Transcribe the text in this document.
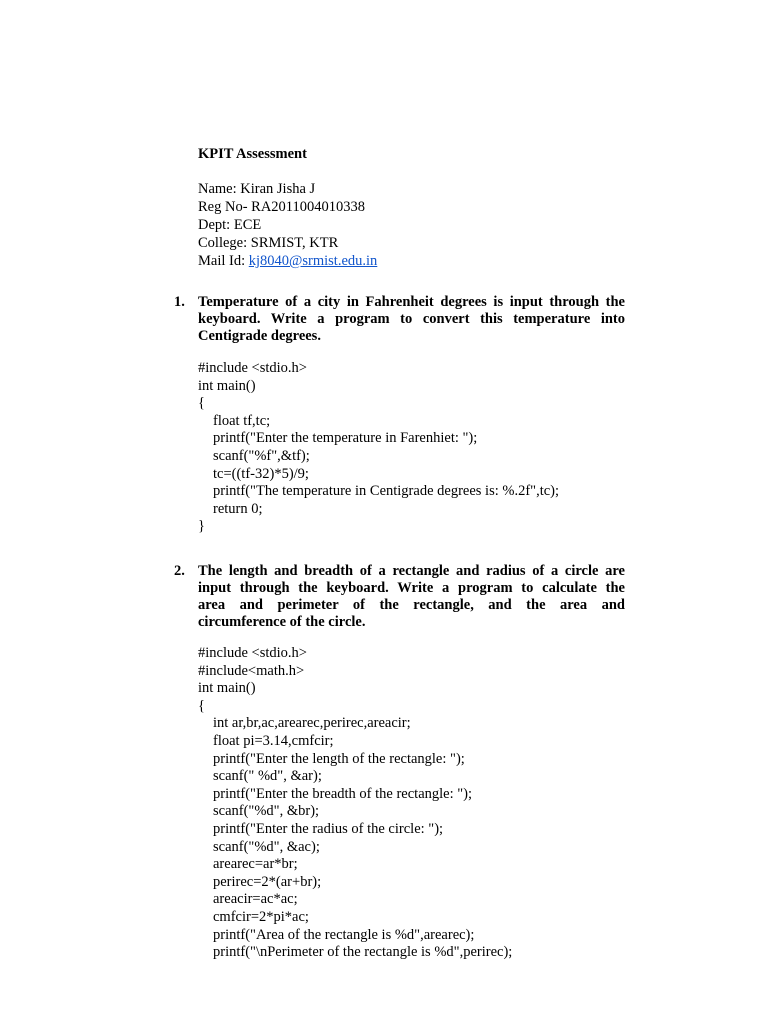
KPIT Assessment
Name: Kiran Jisha J
Reg No- RA2011004010338
Dept: ECE
College: SRMIST, KTR
Mail Id: kj8040@srmist.edu.in
1. Temperature of a city in Fahrenheit degrees is input through the
keyboard. Write a program to convert this temperature into
Centigrade degrees.
#include <stdio.h>
int main()
{
float tf,tc;
printf("Enter the temperature in Farenhiet: ");
scanf("%f",&tf);
tc=((tf-32)*5)/9;
printf("The temperature in Centigrade degrees is: %.2f",tc);
return 0;
}
2. The length and breadth of a rectangle and radius of a circle are
input through the keyboard. Write a program to calculate the
area and perimeter of the rectangle, and the area and
circumference of the circle.
#include <stdio.h>
#include<math.h>
int main()
{
int ar,br,ac,arearec,perirec,areacir;
float pi=3.14,cmfcir;
printf("Enter the length of the rectangle: ");
scanf(" %d", &ar);
printf("Enter the breadth of the rectangle: ");
scanf("%d", &br);
printf("Enter the radius of the circle: ");
scanf("%d", &ac);
arearec=ar*br;
perirec=2*(ar+br);
areacir=ac*ac;
cmfcir=2*pi*ac;
printf("Area of the rectangle is %d",arearec);
printf("\nPerimeter of the rectangle is %d",perirec);
